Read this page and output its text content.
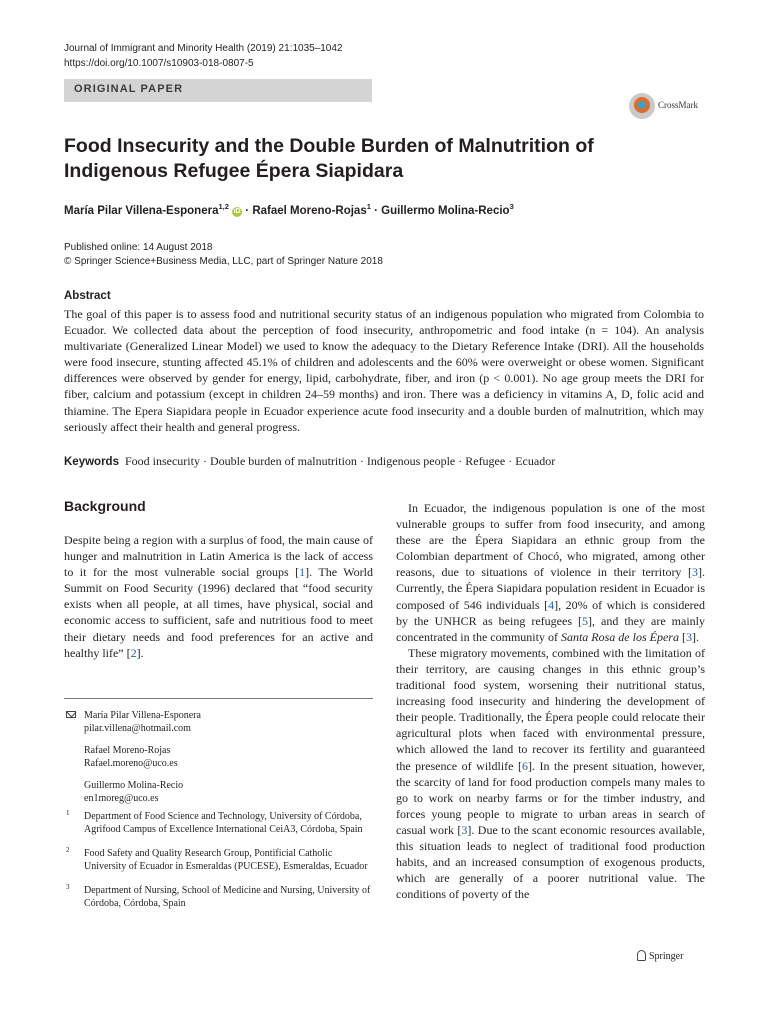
Journal of Immigrant and Minority Health (2019) 21:1035–1042
https://doi.org/10.1007/s10903-018-0807-5
ORIGINAL PAPER
CrossMark
Food Insecurity and the Double Burden of Malnutrition of Indigenous Refugee Épera Siapidara
María Pilar Villena‑Esponera$^{1,2}$ iD · Rafael Moreno‑Rojas$^1$ · Guillermo Molina‑Recio$^3$
Published online: 14 August 2018
© Springer Science+Business Media, LLC, part of Springer Nature 2018
Abstract
The goal of this paper is to assess food and nutritional security status of an indigenous population who migrated from Colombia to Ecuador. We collected data about the perception of food insecurity, anthropometric and food intake (n = 104). An analysis multivariate (Generalized Linear Model) we used to know the adequacy to the Dietary Reference Intake (DRI). All the households were food insecure, stunting affected 45.1% of children and adolescents and the 60% were overweight or obese women. Significant differences were observed by gender for energy, lipid, carbohydrate, fiber, and iron (p < 0.001). No age group meets the DRI for fiber, calcium and potassium (except in children 24–59 months) and iron. There was a deficiency in vitamins A, D, folic acid and thiamine. The Epera Siapidara people in Ecuador experience acute food insecurity and a double burden of malnutrition, which may seriously affect their health and general progress.
Keywords Food insecurity · Double burden of malnutrition · Indigenous people · Refugee · Ecuador
Background
Despite being a region with a surplus of food, the main cause of hunger and malnutrition in Latin America is the lack of access to it for the most vulnerable social groups [1]. The World Summit on Food Security (1996) declared that “food security exists when all people, at all times, have physical, social and economic access to sufficient, safe and nutritious food to meet their dietary needs and food preferences for an active and healthy life” [2].
María Pilar Villena‑Esponera
pilar.villena@hotmail.com
Rafael Moreno‑Rojas
Rafael.moreno@uco.es
Guillermo Molina‑Recio
en1moreg@uco.es
1 Department of Food Science and Technology, University of Córdoba, Agrifood Campus of Excellence International CeiA3, Córdoba, Spain
2 Food Safety and Quality Research Group, Pontificial Catholic University of Ecuador in Esmeraldas (PUCESE), Esmeraldas, Ecuador
3 Department of Nursing, School of Medicine and Nursing, University of Córdoba, Córdoba, Spain

In Ecuador, the indigenous population is one of the most vulnerable groups to suffer from food insecurity, and among these are the Épera Siapidara an ethnic group from the Colombian department of Chocó, who migrated, among other reasons, due to situations of violence in their territory [3]. Currently, the Épera Siapidara population resident in Ecuador is composed of 546 individuals [4], 20% of which is considered by the UNHCR as being refugees [5], and they are mainly concentrated in the community of Santa Rosa de los Épera [3].

These migratory movements, combined with the limitation of their territory, are causing changes in this ethnic group’s traditional food system, worsening their nutritional status, increasing food insecurity and hindering the development of their people. Traditionally, the Épera people could relocate their agricultural plots when faced with environmental pressure, which allowed the land to recover its fertility and guaranteed the presence of wildlife [6]. In the present situation, however, the scarcity of land for food production compels many males to go to work on nearby farms or for the timber industry, and forces young people to migrate to urban areas in search of casual work [3]. Due to the scant economic resources available, this situation leads to neglect of traditional food production habits, and an increased consumption of exogenous products, which are generally of a poorer nutritional value. The conditions of poverty of the

Springer
